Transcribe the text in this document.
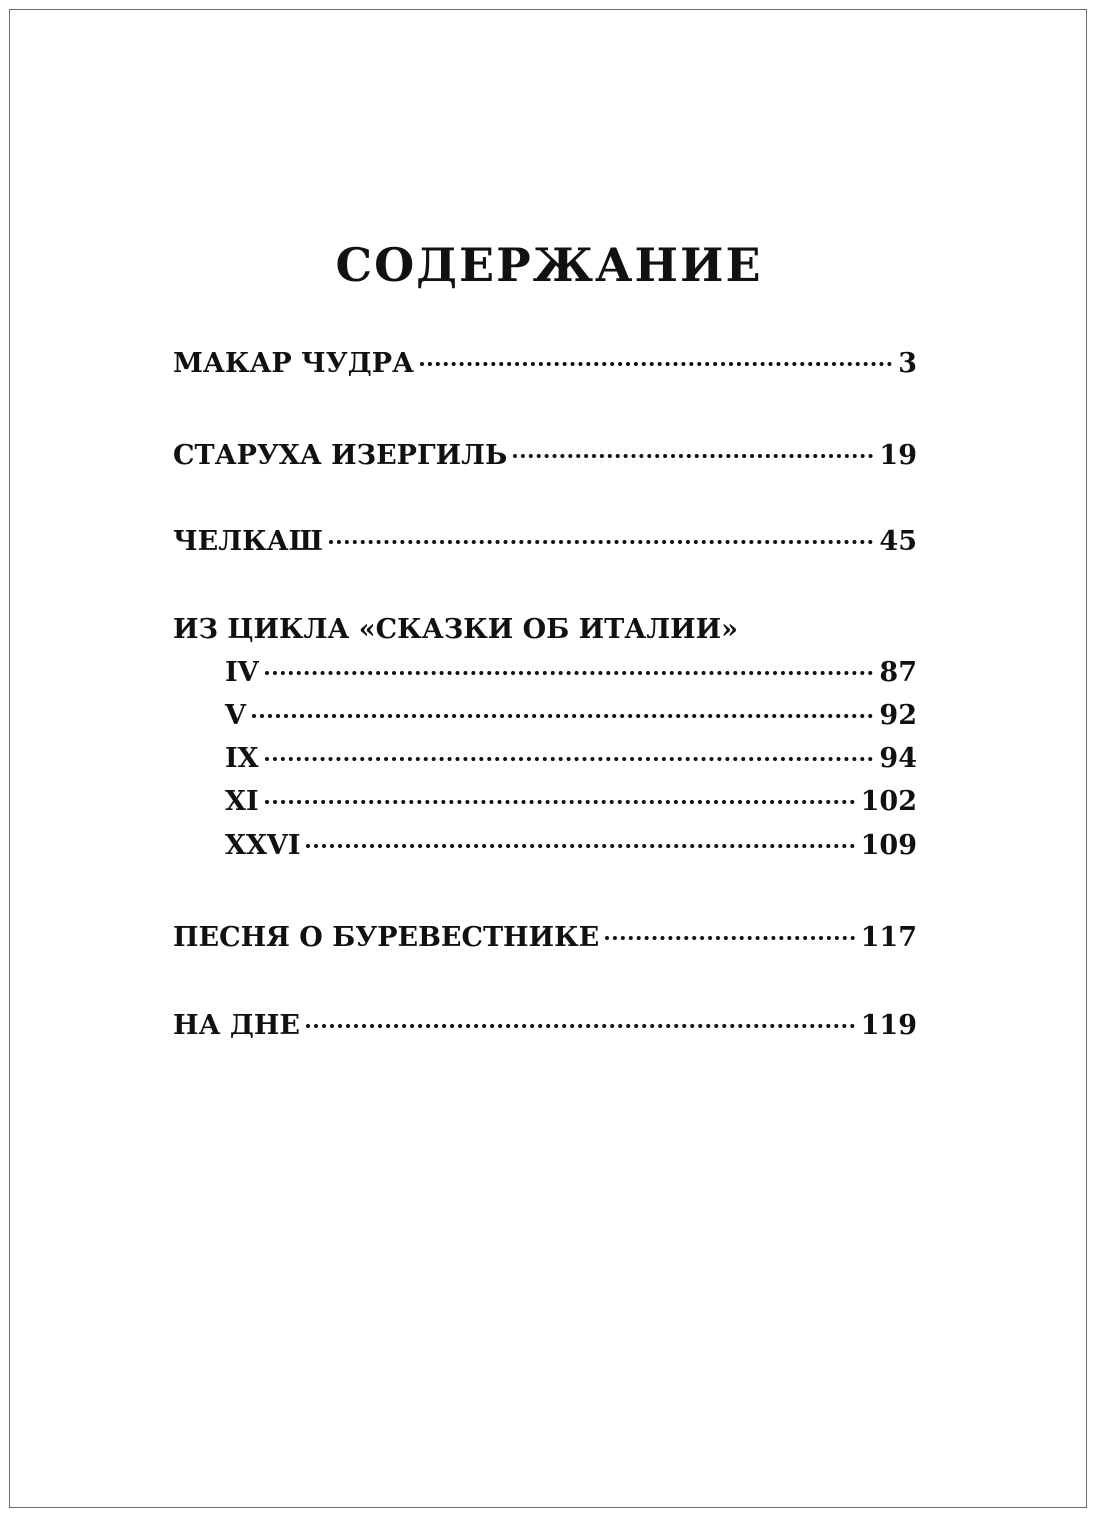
СОДЕРЖАНИЕ
МАКАР ЧУДРА	3
СТАРУХА ИЗЕРГИЛЬ	19
ЧЕЛКАШ	45
ИЗ ЦИКЛА «СКАЗКИ ОБ ИТАЛИИ»
IV	87
V	92
IX	94
XI	102
XXVI	109
ПЕСНЯ О БУРЕВЕСТНИКЕ	117
НА ДНЕ	119
